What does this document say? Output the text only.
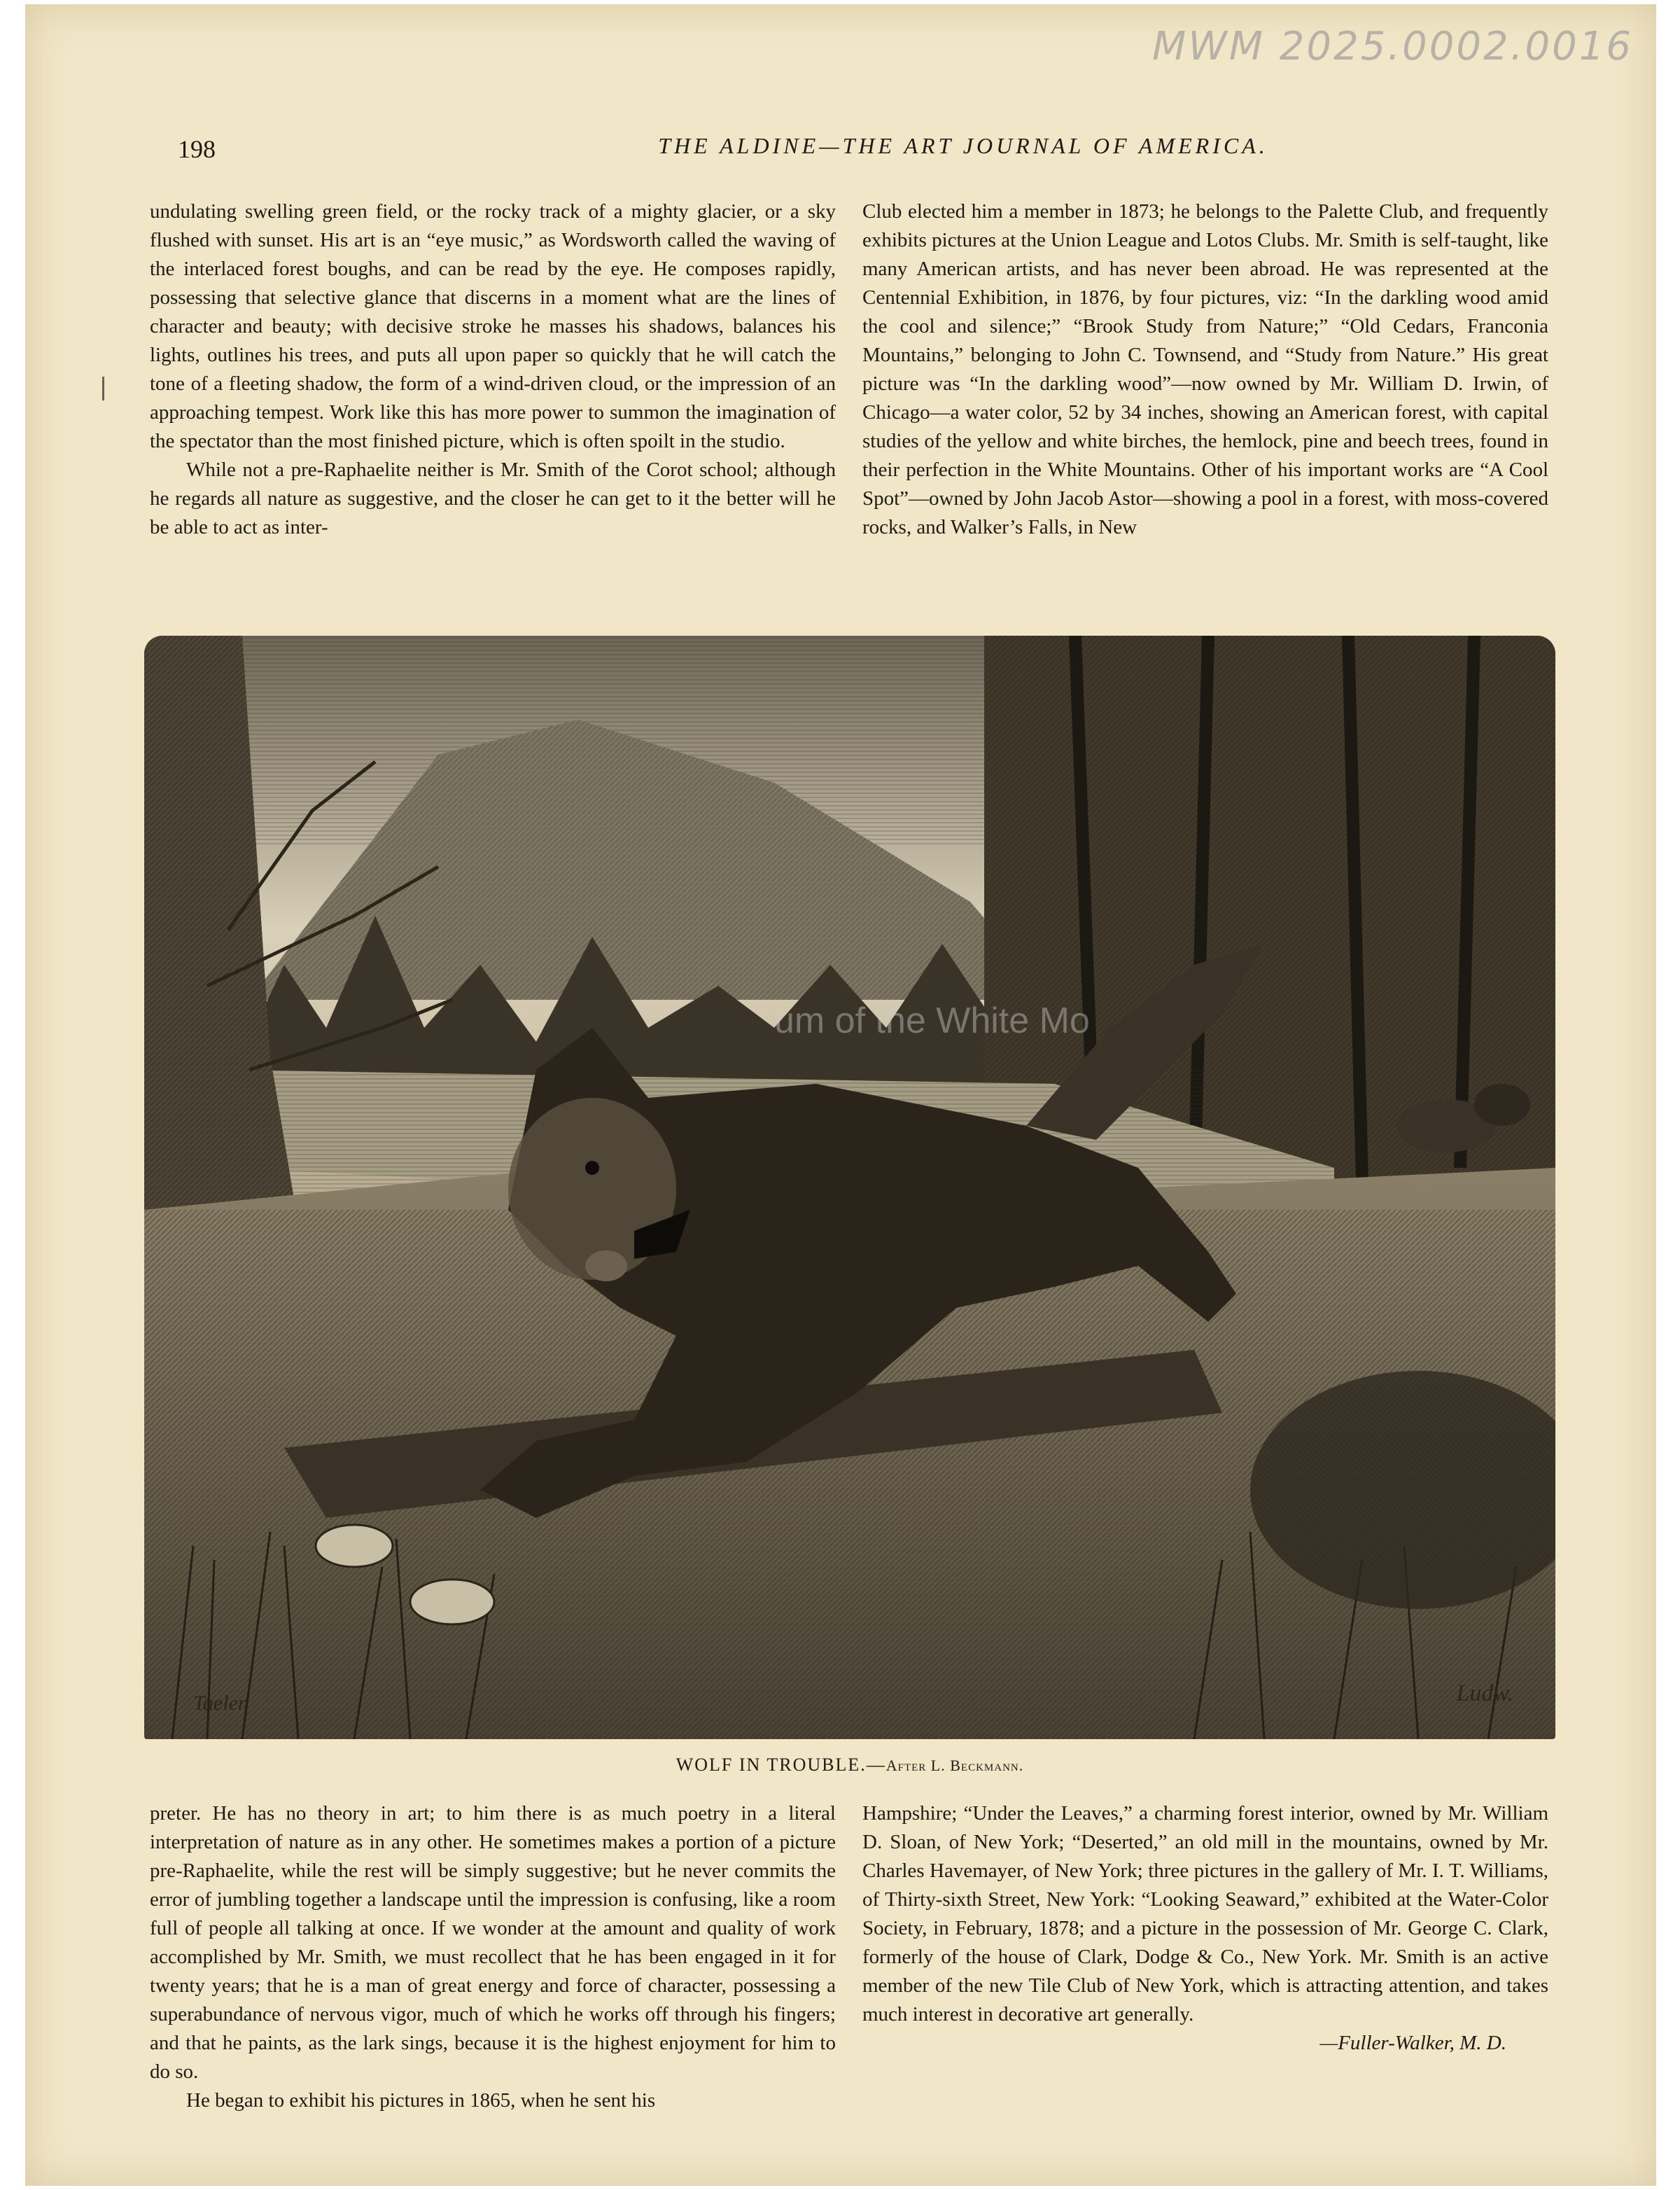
MWM 2025.0002.0016
198	THE ALDINE—THE ART JOURNAL OF AMERICA.

undulating swelling green field, or the rocky track of a mighty glacier, or a sky flushed with sunset. His art is an “eye music,” as Wordsworth called the waving of the interlaced forest boughs, and can be read by the eye. He composes rapidly, possessing that selective glance that discerns in a moment what are the lines of character and beauty; with decisive stroke he masses his shadows, balances his lights, outlines his trees, and puts all upon paper so quickly that he will catch the tone of a fleeting shadow, the form of a wind-driven cloud, or the impression of an approaching tempest. Work like this has more power to summon the imagination of the spectator than the most finished picture, which is often spoilt in the studio.

While not a pre-Raphaelite neither is Mr. Smith of the Corot school; although he regards all nature as suggestive, and the closer he can get to it the better will he be able to act as inter-

Club elected him a member in 1873; he belongs to the Palette Club, and frequently exhibits pictures at the Union League and Lotos Clubs. Mr. Smith is self-taught, like many American artists, and has never been abroad. He was represented at the Centennial Exhibition, in 1876, by four pictures, viz: “In the darkling wood amid the cool and silence;” “Brook Study from Nature;” “Old Cedars, Franconia Mountains,” belonging to John C. Townsend, and “Study from Nature.” His great picture was “In the darkling wood”—now owned by Mr. William D. Irwin, of Chicago—a water color, 52 by 34 inches, showing an American forest, with capital studies of the yellow and white birches, the hemlock, pine and beech trees, found in their perfection in the White Mountains. Other of his important works are “A Cool Spot”—owned by John Jacob Astor—showing a pool in a forest, with moss-covered rocks, and Walker’s Falls, in New

um of the White Mo
Taelen	Ludw.
WOLF IN TROUBLE.—After L. Beckmann.

preter. He has no theory in art; to him there is as much poetry in a literal interpretation of nature as in any other. He sometimes makes a portion of a picture pre-Raphaelite, while the rest will be simply suggestive; but he never commits the error of jumbling together a landscape until the impression is confusing, like a room full of people all talking at once. If we wonder at the amount and quality of work accomplished by Mr. Smith, we must recollect that he has been engaged in it for twenty years; that he is a man of great energy and force of character, possessing a superabundance of nervous vigor, much of which he works off through his fingers; and that he paints, as the lark sings, because it is the highest enjoyment for him to do so.

He began to exhibit his pictures in 1865, when he sent his

Hampshire; “Under the Leaves,” a charming forest interior, owned by Mr. William D. Sloan, of New York; “Deserted,” an old mill in the mountains, owned by Mr. Charles Havemayer, of New York; three pictures in the gallery of Mr. I. T. Williams, of Thirty-sixth Street, New York: “Looking Seaward,” exhibited at the Water-Color Society, in February, 1878; and a picture in the possession of Mr. George C. Clark, formerly of the house of Clark, Dodge & Co., New York. Mr. Smith is an active member of the new Tile Club of New York, which is attracting attention, and takes much interest in decorative art generally.

—Fuller-Walker, M. D.
